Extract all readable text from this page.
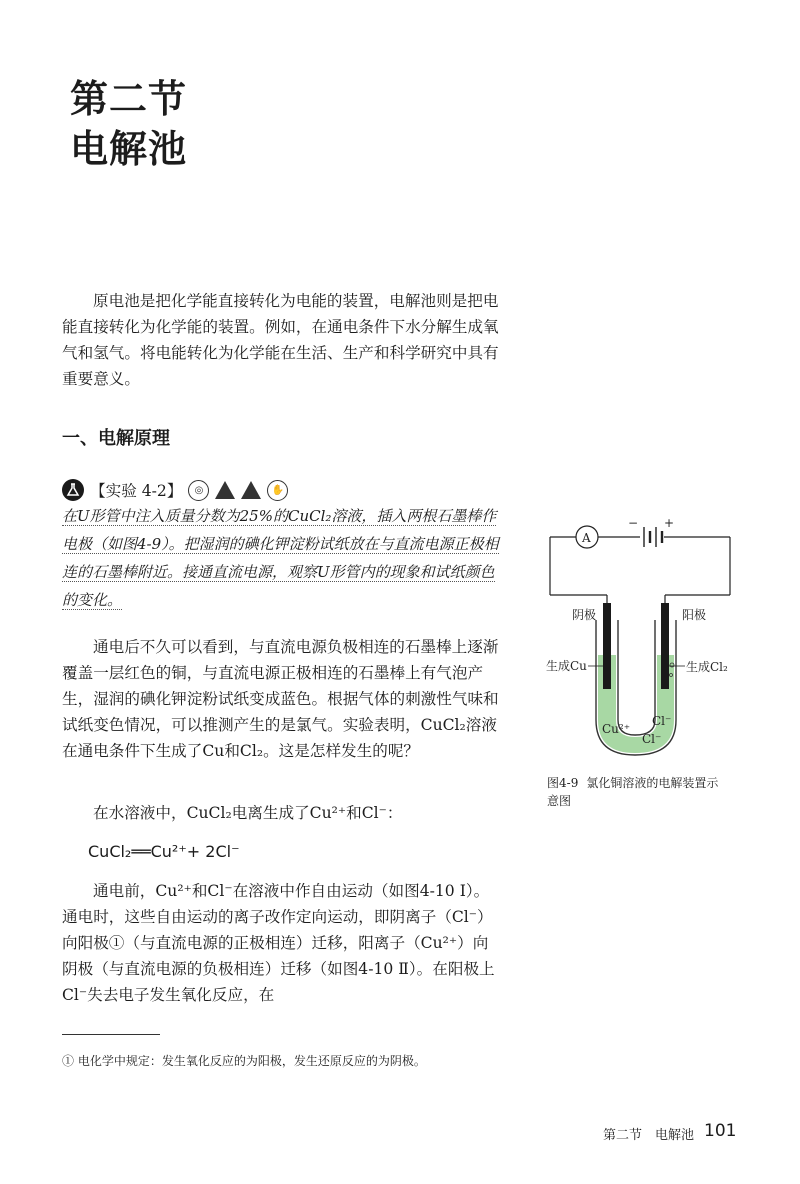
第二节
电解池

原电池是把化学能直接转化为电能的装置，电解池则是把电能直接转化为化学能的装置。例如，在通电条件下水分解生成氧气和氢气。将电能转化为化学能在生活、生产和科学研究中具有重要意义。

一、电解原理
【实验 4-2】	◎	✋
在U形管中注入质量分数为25%的CuCl₂溶液，插入两根石墨棒作电极（如图4-9）。把湿润的碘化钾淀粉试纸放在与直流电源正极相连的石墨棒附近。接通直流电源，观察U形管内的现象和试纸颜色的变化。

通电后不久可以看到，与直流电源负极相连的石墨棒上逐渐覆盖一层红色的铜，与直流电源正极相连的石墨棒上有气泡产生，湿润的碘化钾淀粉试纸变成蓝色。根据气体的刺激性气味和试纸变色情况，可以推测产生的是氯气。实验表明，CuCl₂溶液在通电条件下生成了Cu和Cl₂。这是怎样发生的呢？

在水溶液中，CuCl₂电离生成了Cu²⁺和Cl⁻：

CuCl₂══Cu²⁺+ 2Cl⁻

通电前，Cu²⁺和Cl⁻在溶液中作自由运动（如图4-10 Ⅰ）。通电时，这些自由运动的离子改作定向运动，即阴离子（Cl⁻）向阳极①（与直流电源的正极相连）迁移，阳离子（Cu²⁺）向阴极（与直流电源的负极相连）迁移（如图4-10 Ⅱ）。在阳极上Cl⁻失去电子发生氧化反应，在

① 电化学中规定：发生氧化反应的为阳极，发生还原反应的为阴极。
A
− +
阴极	阳极
生成Cu	生成Cl₂
Cu²⁺
Cl⁻
Cl⁻
图4-9 氯化铜溶液的电解装置示意图
第二节　电解池 101
